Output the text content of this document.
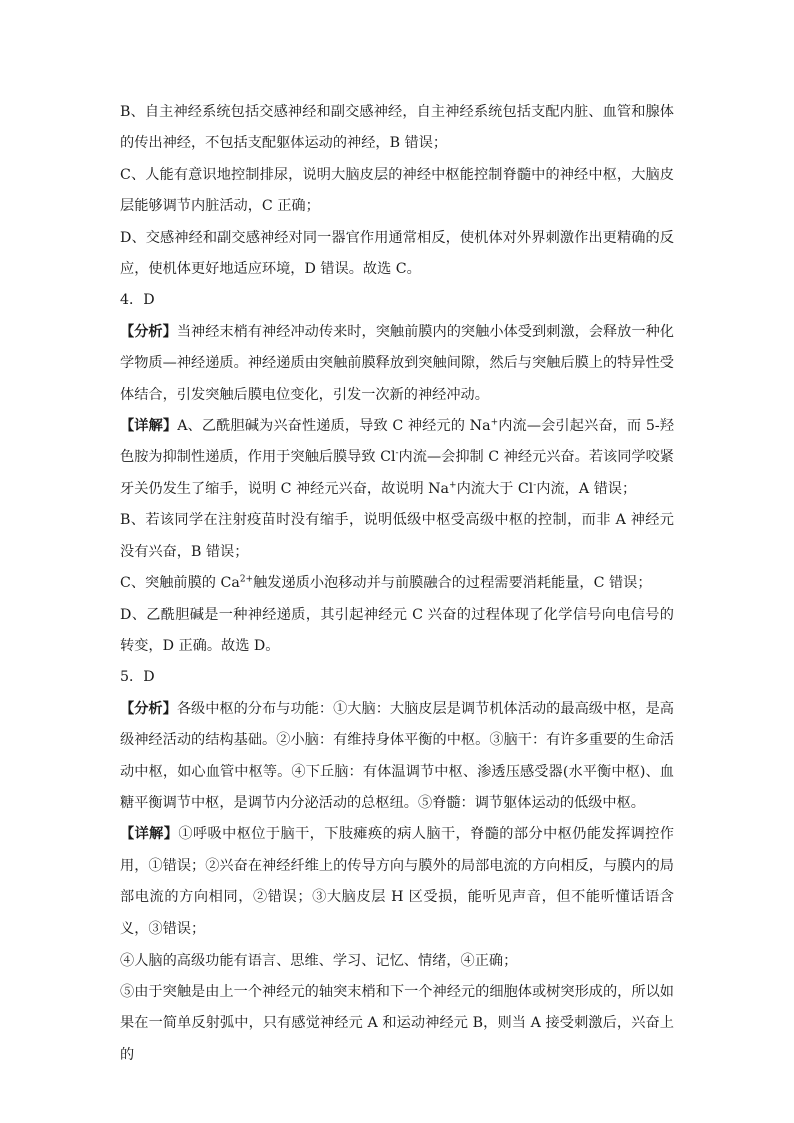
B、自主神经系统包括交感神经和副交感神经，自主神经系统包括支配内脏、血管和腺体的传出神经，不包括支配躯体运动的神经，B 错误；

C、人能有意识地控制排尿，说明大脑皮层的神经中枢能控制脊髓中的神经中枢，大脑皮层能够调节内脏活动，C 正确；

D、交感神经和副交感神经对同一器官作用通常相反，使机体对外界刺激作出更精确的反应，使机体更好地适应环境，D 错误。故选 C。

4．D

【分析】当神经末梢有神经冲动传来时，突触前膜内的突触小体受到刺激，会释放一种化学物质—神经递质。神经递质由突触前膜释放到突触间隙，然后与突触后膜上的特异性受体结合，引发突触后膜电位变化，引发一次新的神经冲动。

【详解】A、乙酰胆碱为兴奋性递质，导致 C 神经元的 Na+内流—会引起兴奋，而 5-羟色胺为抑制性递质，作用于突触后膜导致 Cl-内流—会抑制 C 神经元兴奋。若该同学咬紧牙关仍发生了缩手，说明 C 神经元兴奋，故说明 Na+内流大于 Cl-内流，A 错误；

B、若该同学在注射疫苗时没有缩手，说明低级中枢受高级中枢的控制，而非 A 神经元没有兴奋，B 错误；

C、突触前膜的 $Ca^{2+}$触发递质小泡移动并与前膜融合的过程需要消耗能量，C 错误；

D、乙酰胆碱是一种神经递质，其引起神经元 C 兴奋的过程体现了化学信号向电信号的转变，D 正确。故选 D。

5．D

【分析】各级中枢的分布与功能：①大脑：大脑皮层是调节机体活动的最高级中枢，是高级神经活动的结构基础。②小脑：有维持身体平衡的中枢。③脑干：有许多重要的生命活动中枢，如心血管中枢等。④下丘脑：有体温调节中枢、渗透压感受器(水平衡中枢)、血糖平衡调节中枢，是调节内分泌活动的总枢纽。⑤脊髓：调节躯体运动的低级中枢。

【详解】①呼吸中枢位于脑干，下肢瘫痪的病人脑干，脊髓的部分中枢仍能发挥调控作用，①错误；②兴奋在神经纤维上的传导方向与膜外的局部电流的方向相反，与膜内的局部电流的方向相同，②错误；③大脑皮层 H 区受损，能听见声音，但不能听懂话语含义，③错误；

④人脑的高级功能有语言、思维、学习、记忆、情绪，④正确；

⑤由于突触是由上一个神经元的轴突末梢和下一个神经元的细胞体或树突形成的，所以如果在一简单反射弧中，只有感觉神经元 A 和运动神经元 B，则当 A 接受刺激后，兴奋上的
